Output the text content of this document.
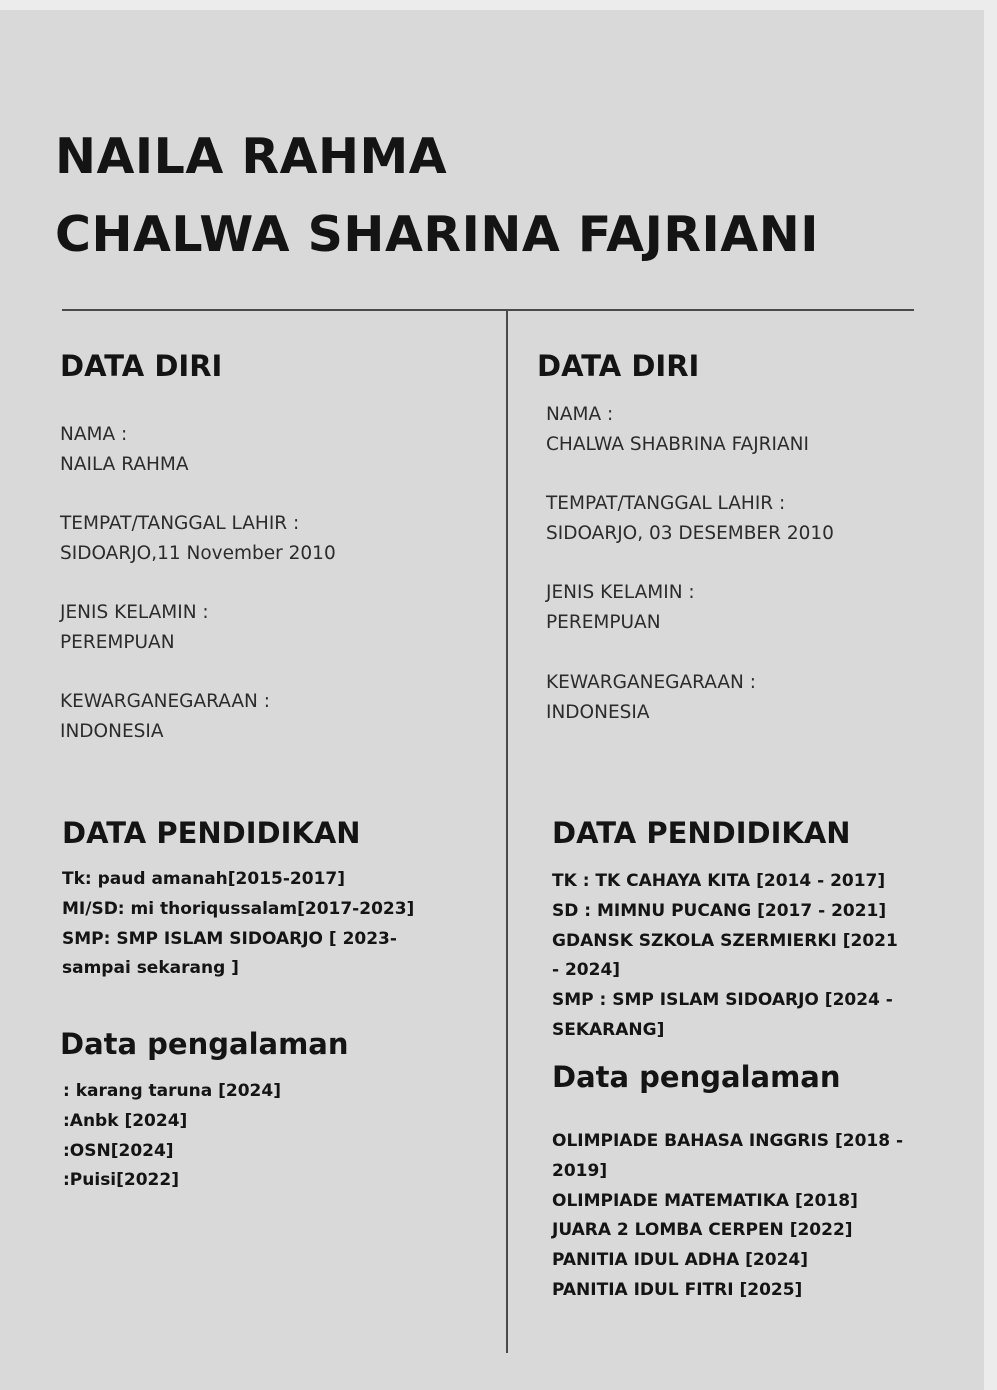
NAILA RAHMA
CHALWA SHARINA FAJRIANI
DATA DIRI
NAMA :
NAILA RAHMA
TEMPAT/TANGGAL LAHIR :
SIDOARJO,11 November 2010
JENIS KELAMIN :
PEREMPUAN
KEWARGANEGARAAN :
INDONESIA
DATA PENDIDIKAN
Tk: paud amanah[2015-2017]
MI/SD: mi thoriqussalam[2017-2023]
SMP: SMP ISLAM SIDOARJO [ 2023-
sampai sekarang ]
Data pengalaman
: karang taruna [2024]
:Anbk [2024]
:OSN[2024]
:Puisi[2022]
DATA DIRI
NAMA :
CHALWA SHABRINA FAJRIANI
TEMPAT/TANGGAL LAHIR :
SIDOARJO, 03 DESEMBER 2010
JENIS KELAMIN :
PEREMPUAN
KEWARGANEGARAAN :
INDONESIA
DATA PENDIDIKAN
TK : TK CAHAYA KITA [2014 - 2017]
SD : MIMNU PUCANG [2017 - 2021]
GDANSK SZKOLA SZERMIERKI [2021
- 2024]
SMP : SMP ISLAM SIDOARJO [2024 -
SEKARANG]
Data pengalaman
OLIMPIADE BAHASA INGGRIS [2018 -
2019]
OLIMPIADE MATEMATIKA [2018]
JUARA 2 LOMBA CERPEN [2022]
PANITIA IDUL ADHA [2024]
PANITIA IDUL FITRI [2025]
